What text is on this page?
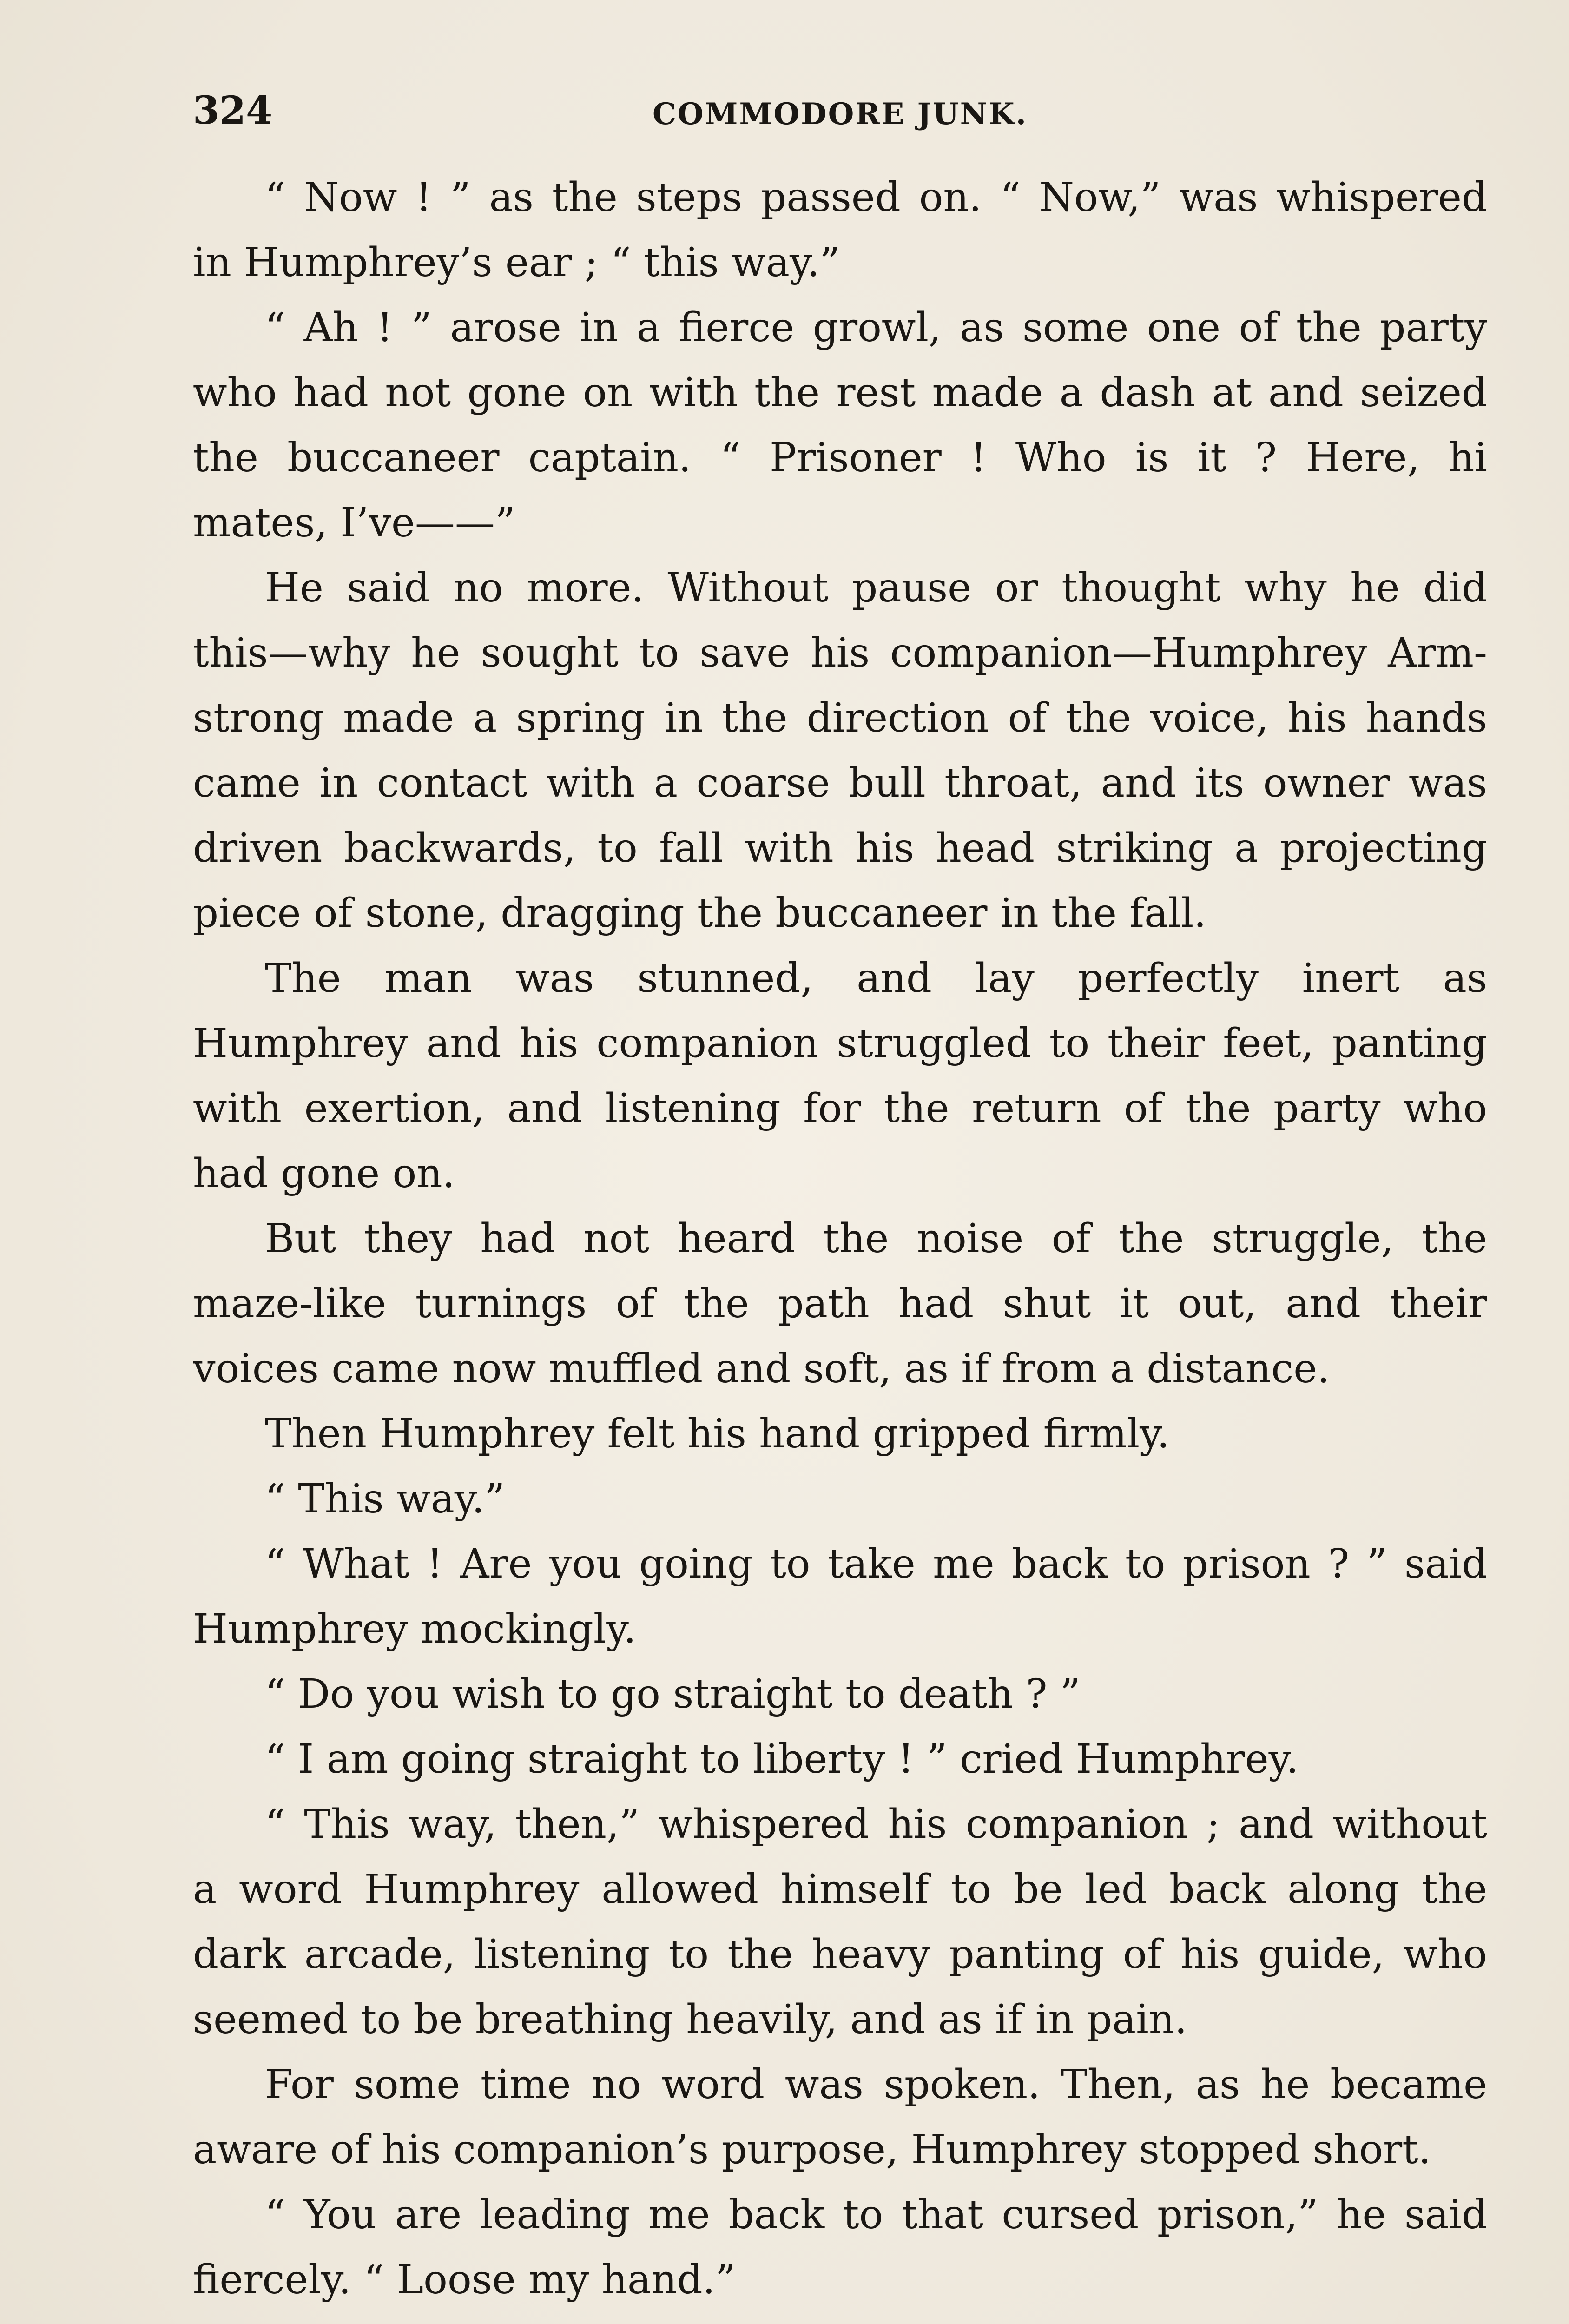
324	COMMODORE JUNK.
“ Now ! ” as the steps passed on. “ Now,” was whispered
in Humphrey’s ear ; “ this way.”
“ Ah ! ” arose in a fierce growl, as some one of the party
who had not gone on with the rest made a dash at and seized
the buccaneer captain. “ Prisoner ! Who is it ? Here, hi
mates, I’ve——”
He said no more. Without pause or thought why he did
this—why he sought to save his companion—Humphrey Arm-
strong made a spring in the direction of the voice, his hands
came in contact with a coarse bull throat, and its owner was
driven backwards, to fall with his head striking a projecting
piece of stone, dragging the buccaneer in the fall.
The man was stunned, and lay perfectly inert as
Humphrey and his companion struggled to their feet, panting
with exertion, and listening for the return of the party who
had gone on.
But they had not heard the noise of the struggle, the
maze-like turnings of the path had shut it out, and their
voices came now muffled and soft, as if from a distance.
Then Humphrey felt his hand gripped firmly.
“ This way.”
“ What ! Are you going to take me back to prison ? ” said
Humphrey mockingly.
“ Do you wish to go straight to death ? ”
“ I am going straight to liberty ! ” cried Humphrey.
“ This way, then,” whispered his companion ; and without
a word Humphrey allowed himself to be led back along the
dark arcade, listening to the heavy panting of his guide, who
seemed to be breathing heavily, and as if in pain.
For some time no word was spoken. Then, as he became
aware of his companion’s purpose, Humphrey stopped short.
“ You are leading me back to that cursed prison,” he said
fiercely. “ Loose my hand.”
